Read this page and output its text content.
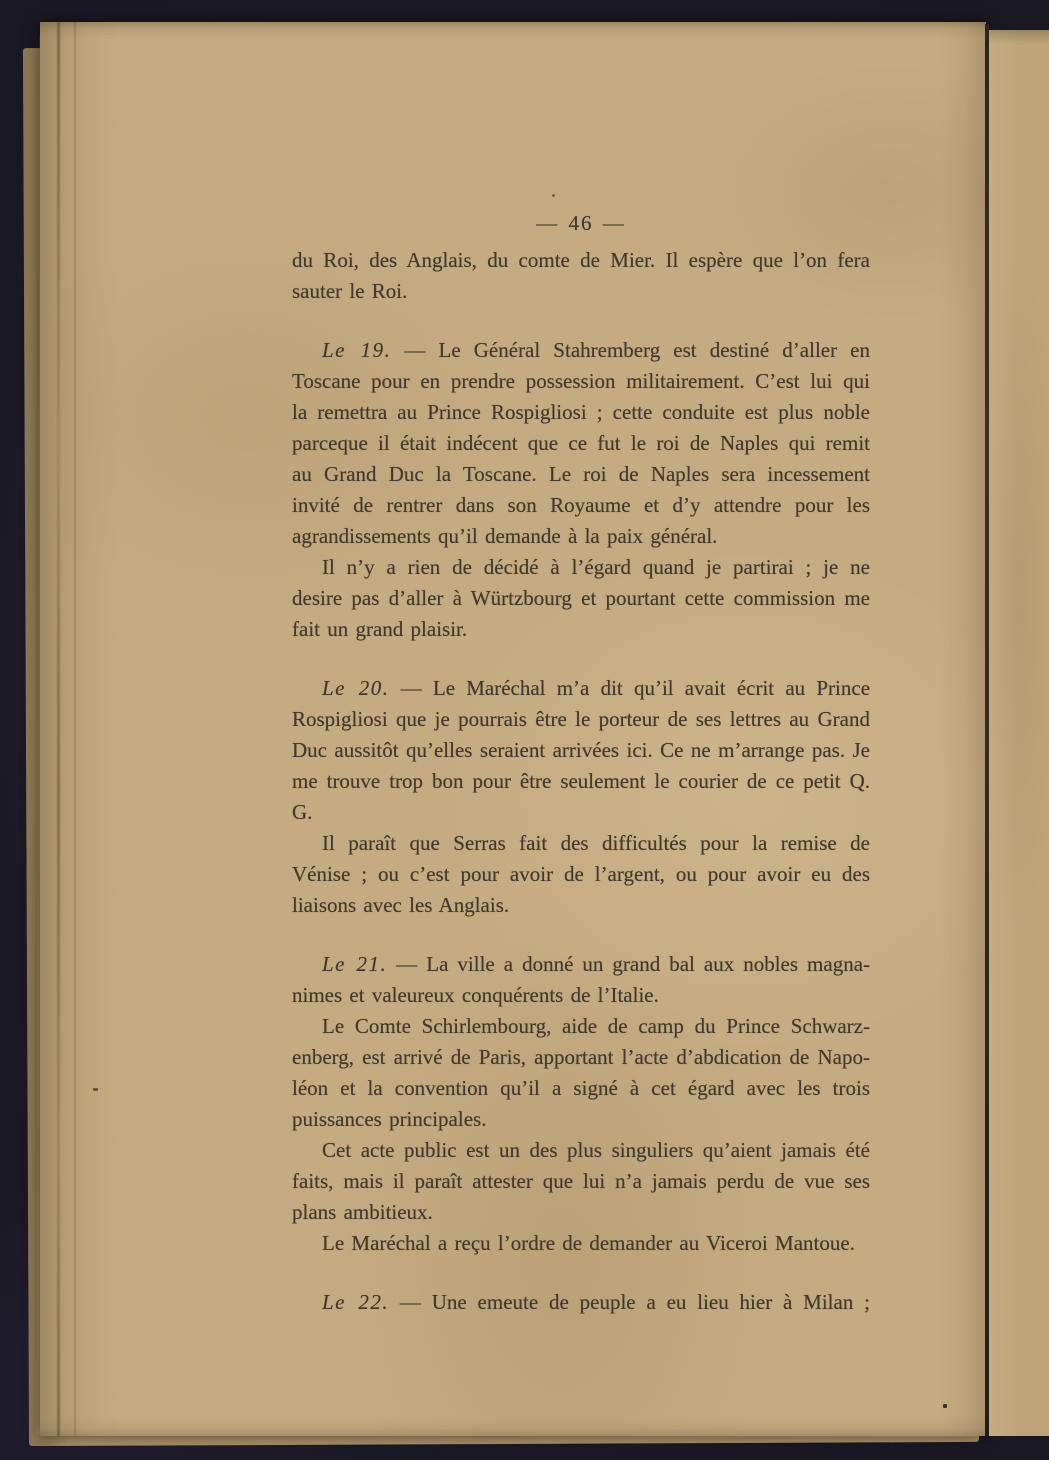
— 46 —
du Roi, des Anglais, du comte de Mier. Il espère que l’on fera
sauter le Roi.
Le 19. — Le Général Stahremberg est destiné d’aller en
Toscane pour en prendre possession militairement. C’est lui qui
la remettra au Prince Rospigliosi ; cette conduite est plus noble
parceque il était indécent que ce fut le roi de Naples qui remit
au Grand Duc la Toscane. Le roi de Naples sera incessement
invité de rentrer dans son Royaume et d’y attendre pour les
agrandissements qu’il demande à la paix général.
Il n’y a rien de décidé à l’égard quand je partirai ; je ne
desire pas d’aller à Würtzbourg et pourtant cette commission me
fait un grand plaisir.
Le 20. — Le Maréchal m’a dit qu’il avait écrit au Prince
Rospigliosi que je pourrais être le porteur de ses lettres au Grand
Duc aussitôt qu’elles seraient arrivées ici. Ce ne m’arrange pas. Je
me trouve trop bon pour être seulement le courier de ce petit Q. G.
Il paraît que Serras fait des difficultés pour la remise de
Vénise ; ou c’est pour avoir de l’argent, ou pour avoir eu des
liaisons avec les Anglais.
Le 21. — La ville a donné un grand bal aux nobles magna-
nimes et valeureux conquérents de l’Italie.
Le Comte Schirlembourg, aide de camp du Prince Schwarz-
enberg, est arrivé de Paris, apportant l’acte d’abdication de Napo-
léon et la convention qu’il a signé à cet égard avec les trois
puissances principales.
Cet acte public est un des plus singuliers qu’aient jamais été
faits, mais il paraît attester que lui n’a jamais perdu de vue ses
plans ambitieux.
Le Maréchal a reçu l’ordre de demander au Viceroi Mantoue.
Le 22. — Une emeute de peuple a eu lieu hier à Milan ;
